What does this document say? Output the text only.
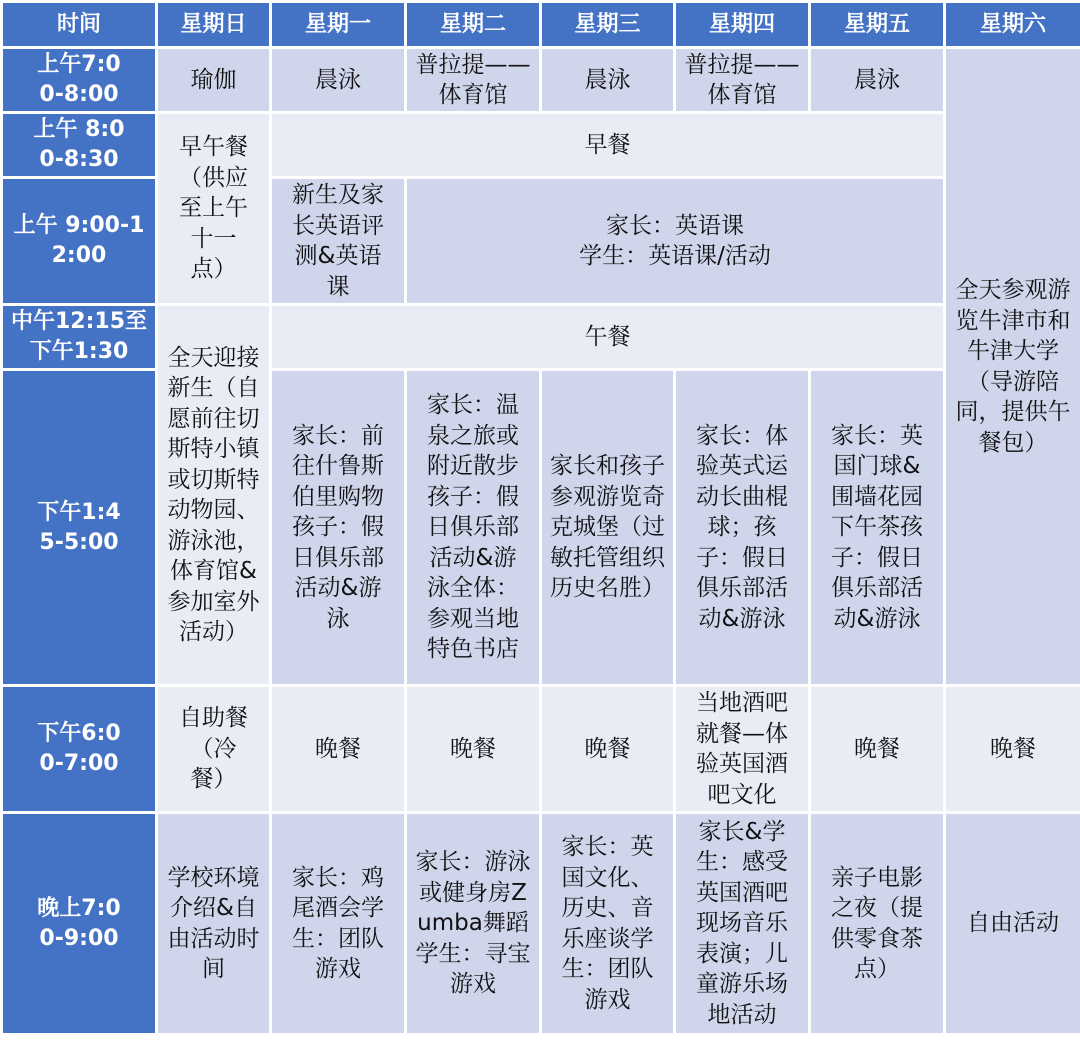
时间	星期日	星期一	星期二	星期三	星期四	星期五	星期六

上午7:00-8:00	瑜伽	晨泳	普拉提——体育馆	晨泳	普拉提——体育馆	晨泳	全天参观游览牛津市和牛津大学（导游陪同，提供午餐包）

上午 8:00-8:30	早午餐（供应至上午十一点）	早餐					

上午 9:00-12:00		新生及家长英语评测&英语课	家长：英语课
学生：英语课/活动				

中午12:15至下午1:30	全天迎接新生（自愿前往切斯特小镇或切斯特动物园、游泳池，体育馆&参加室外活动）	午餐					

下午1:45-5:00		家长：前往什鲁斯伯里购物孩子：假日俱乐部活动&游泳	家长：温泉之旅或附近散步孩子：假日俱乐部活动&游泳全体：参观当地特色书店	家长和孩子参观游览奇克城堡（过敏托管组织历史名胜）	家长：体验英式运动长曲棍球；孩子：假日俱乐部活动&游泳	家长：英国门球&围墙花园下午茶孩子：假日俱乐部活动&游泳	

下午6:00-7:00	自助餐（冷餐）	晚餐	晚餐	晚餐	当地酒吧就餐—体验英国酒吧文化	晚餐	晚餐

晚上7:00-9:00	学校环境介绍&自由活动时间	家长：鸡尾酒会学生：团队游戏	家长：游泳或健身房Zumba舞蹈学生：寻宝游戏	家长：英国文化、历史、音乐座谈学生：团队游戏	家长&学生：感受英国酒吧现场音乐表演；儿童游乐场地活动	亲子电影之夜（提供零食茶点）	自由活动
